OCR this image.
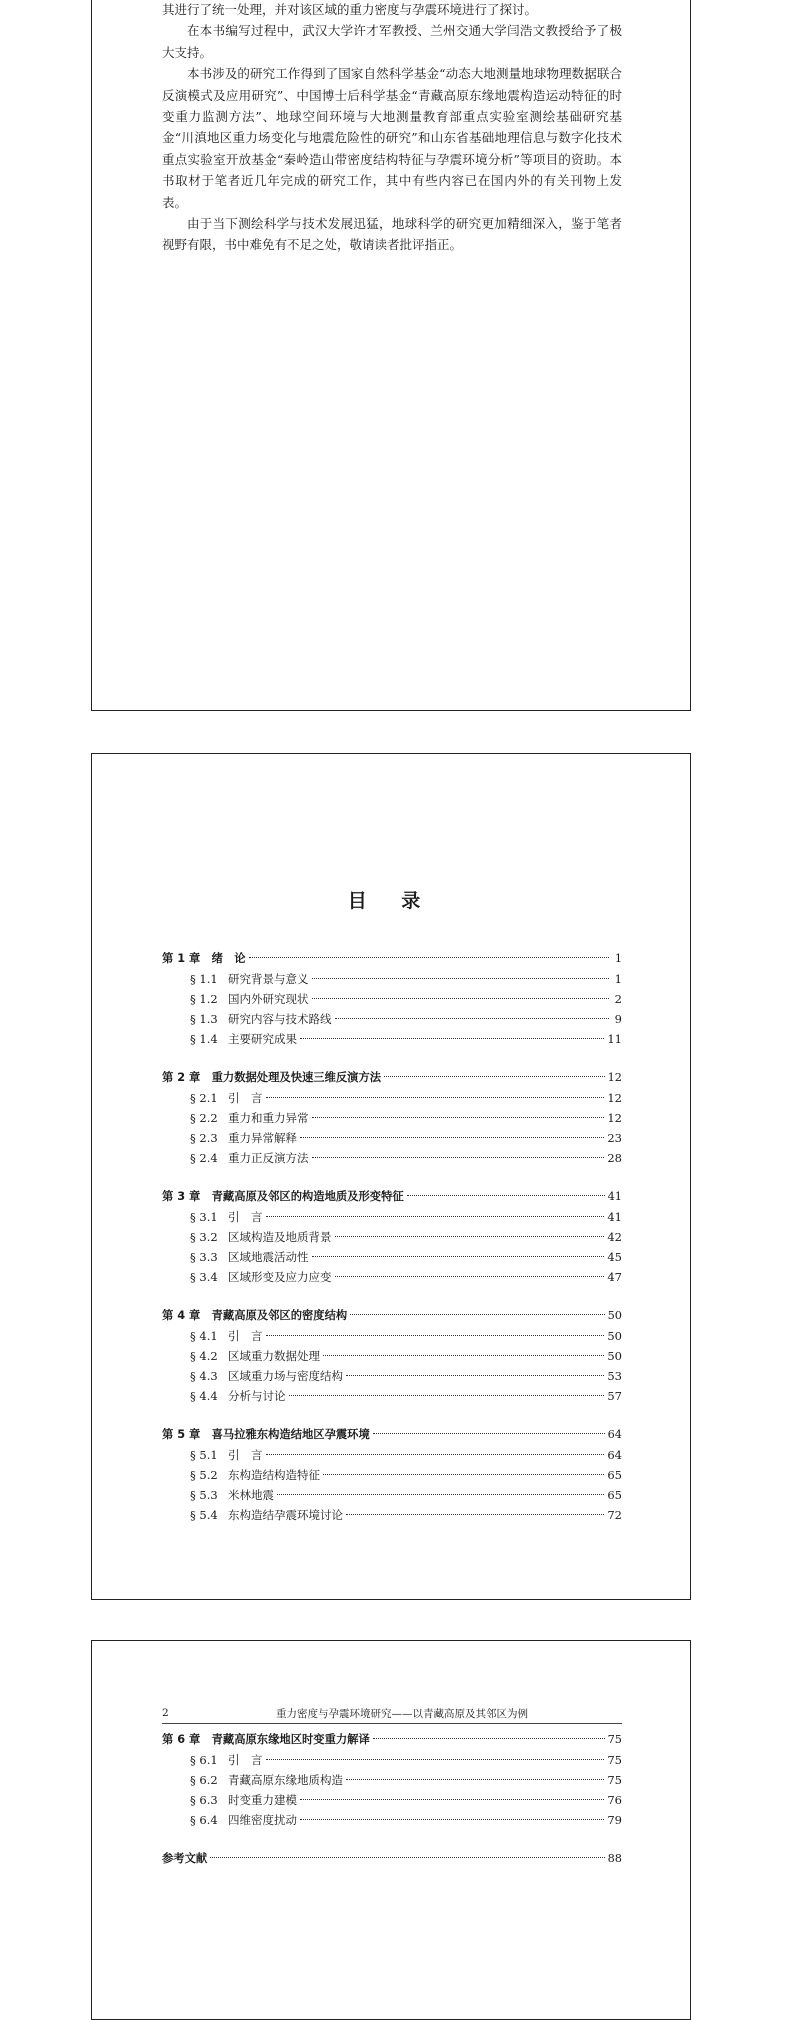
其进行了统一处理，并对该区域的重力密度与孕震环境进行了探讨。

在本书编写过程中，武汉大学许才军教授、兰州交通大学闫浩文教授给予了极大支持。

本书涉及的研究工作得到了国家自然科学基金“动态大地测量地球物理数据联合反演模式及应用研究”、中国博士后科学基金“青藏高原东缘地震构造运动特征的时变重力监测方法”、地球空间环境与大地测量教育部重点实验室测绘基础研究基金“川滇地区重力场变化与地震危险性的研究”和山东省基础地理信息与数字化技术重点实验室开放基金“秦岭造山带密度结构特征与孕震环境分析”等项目的资助。本书取材于笔者近几年完成的研究工作，其中有些内容已在国内外的有关刊物上发表。

由于当下测绘科学与技术发展迅猛，地球科学的研究更加精细深入，鉴于笔者视野有限，书中难免有不足之处，敬请读者批评指正。

目 录
第 1 章　绪　论	1
§ 1.1 研究背景与意义	1
§ 1.2 国内外研究现状	2
§ 1.3 研究内容与技术路线	9
§ 1.4 主要研究成果	11
第 2 章　重力数据处理及快速三维反演方法	12
§ 2.1 引　言	12
§ 2.2 重力和重力异常	12
§ 2.3 重力异常解释	23
§ 2.4 重力正反演方法	28
第 3 章　青藏高原及邻区的构造地质及形变特征	41
§ 3.1 引　言	41
§ 3.2 区域构造及地质背景	42
§ 3.3 区域地震活动性	45
§ 3.4 区域形变及应力应变	47
第 4 章　青藏高原及邻区的密度结构	50
§ 4.1 引　言	50
§ 4.2 区域重力数据处理	50
§ 4.3 区域重力场与密度结构	53
§ 4.4 分析与讨论	57
第 5 章　喜马拉雅东构造结地区孕震环境	64
§ 5.1 引　言	64
§ 5.2 东构造结构造特征	65
§ 5.3 米林地震	65
§ 5.4 东构造结孕震环境讨论	72
2	重力密度与孕震环境研究——以青藏高原及其邻区为例
第 6 章　青藏高原东缘地区时变重力解译	75
§ 6.1 引　言	75
§ 6.2 青藏高原东缘地质构造	75
§ 6.3 时变重力建模	76
§ 6.4 四维密度扰动	79
参考文献	88
